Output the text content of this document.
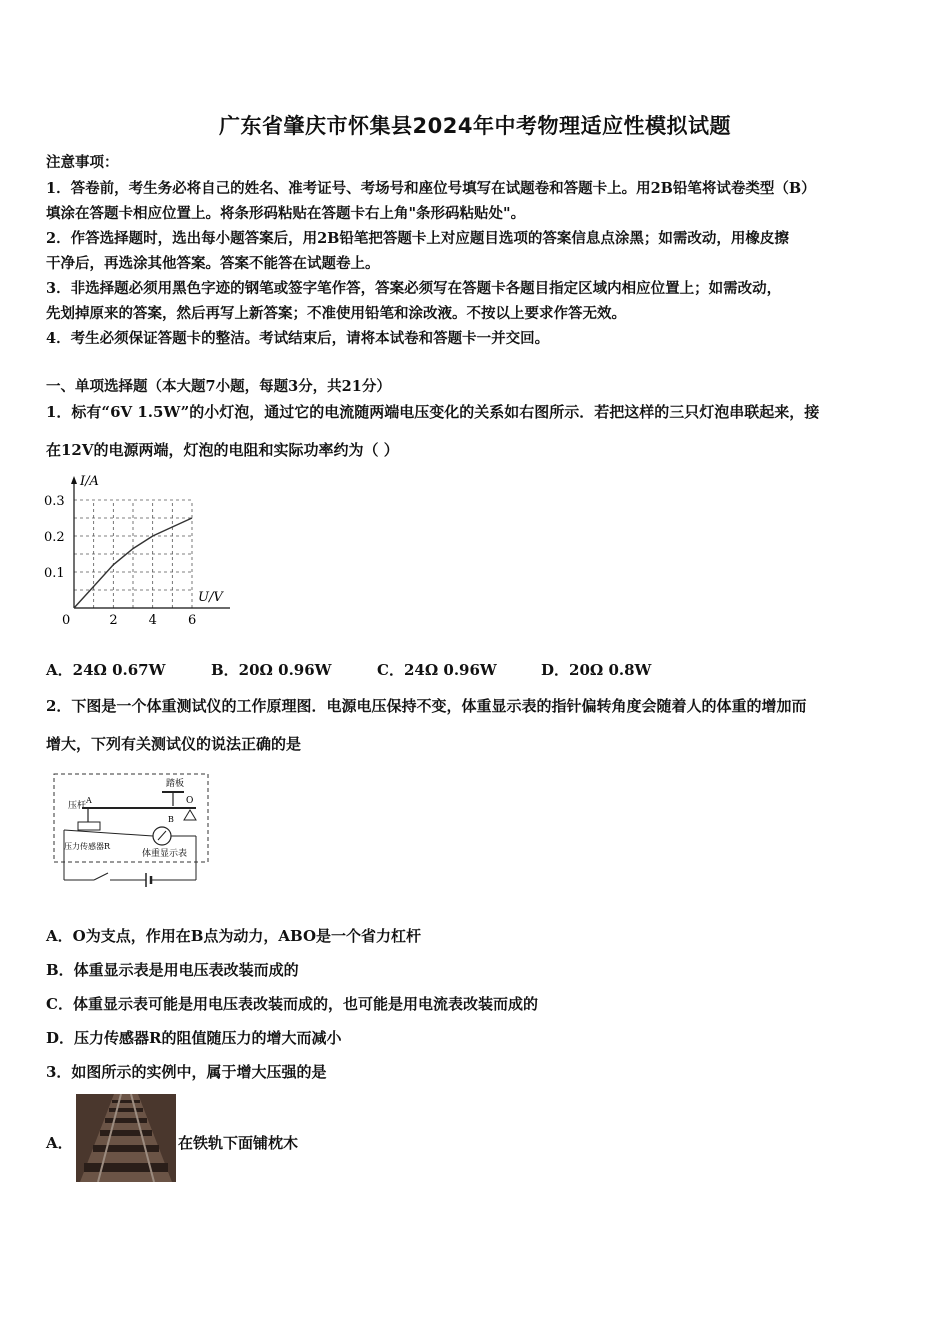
广东省肇庆市怀集县2024年中考物理适应性模拟试题
注意事项：
1．答卷前，考生务必将自己的姓名、准考证号、考场号和座位号填写在试题卷和答题卡上。用2B铅笔将试卷类型（B）
填涂在答题卡相应位置上。将条形码粘贴在答题卡右上角"条形码粘贴处"。
2．作答选择题时，选出每小题答案后，用2B铅笔把答题卡上对应题目选项的答案信息点涂黑；如需改动，用橡皮擦
干净后，再选涂其他答案。答案不能答在试题卷上。
3．非选择题必须用黑色字迹的钢笔或签字笔作答，答案必须写在答题卡各题目指定区域内相应位置上；如需改动，
先划掉原来的答案，然后再写上新答案；不准使用铅笔和涂改液。不按以上要求作答无效。
4．考生必须保证答题卡的整洁。考试结束后，请将本试卷和答题卡一并交回。
一、单项选择题（本大题7小题，每题3分，共21分）
1．标有“6V 1.5W”的小灯泡，通过它的电流随两端电压变化的关系如右图所示．若把这样的三只灯泡串联起来，接
在12V的电源两端，灯泡的电阻和实际功率约为（ ）
I/A
U/V
0	2 4 6
0.1
0.2
0.3
A．24Ω 0.67W	B．20Ω 0.96W	C．24Ω 0.96W	D．20Ω 0.8W
2．下图是一个体重测试仪的工作原理图．电源电压保持不变，体重显示表的指针偏转角度会随着人的体重的增加而
增大，下列有关测试仪的说法正确的是
踏板
O
压杆
A
B
压力传感器R
体重显示表
A．O为支点，作用在B点为动力，ABO是一个省力杠杆
B．体重显示表是用电压表改装而成的
C．体重显示表可能是用电压表改装而成的，也可能是用电流表改装而成的
D．压力传感器R的阻值随压力的增大而减小
3．如图所示的实例中，属于增大压强的是
A．	在铁轨下面铺枕木
